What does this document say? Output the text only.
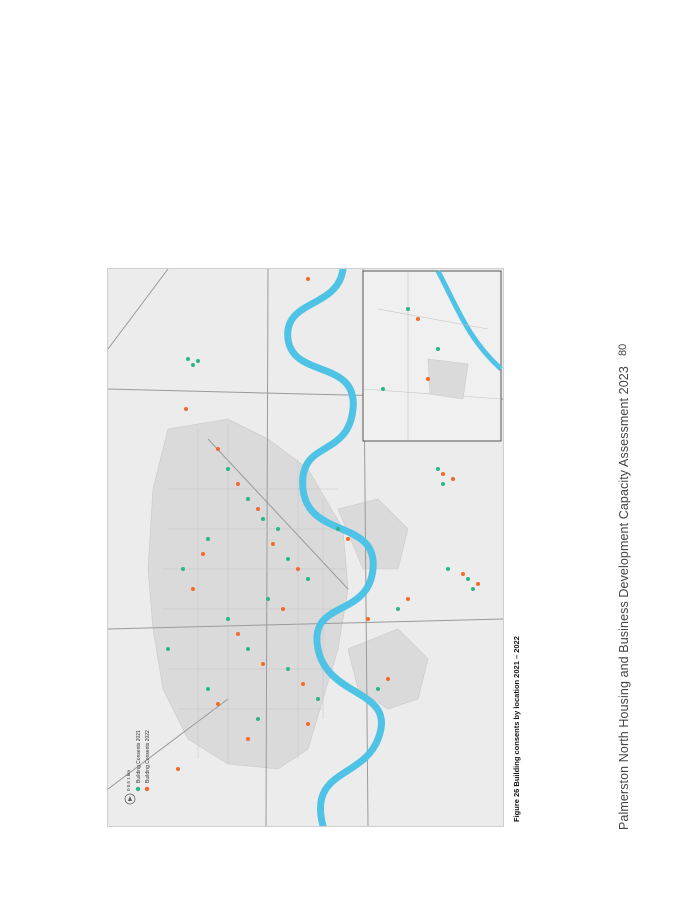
Building Consents 2021 Building Consents 2022
0 0.5 1 km	Figure 26 Building consents by location 2021 – 2022	Palmerston North Housing and Business Development Capacity Assessment 2023
80
